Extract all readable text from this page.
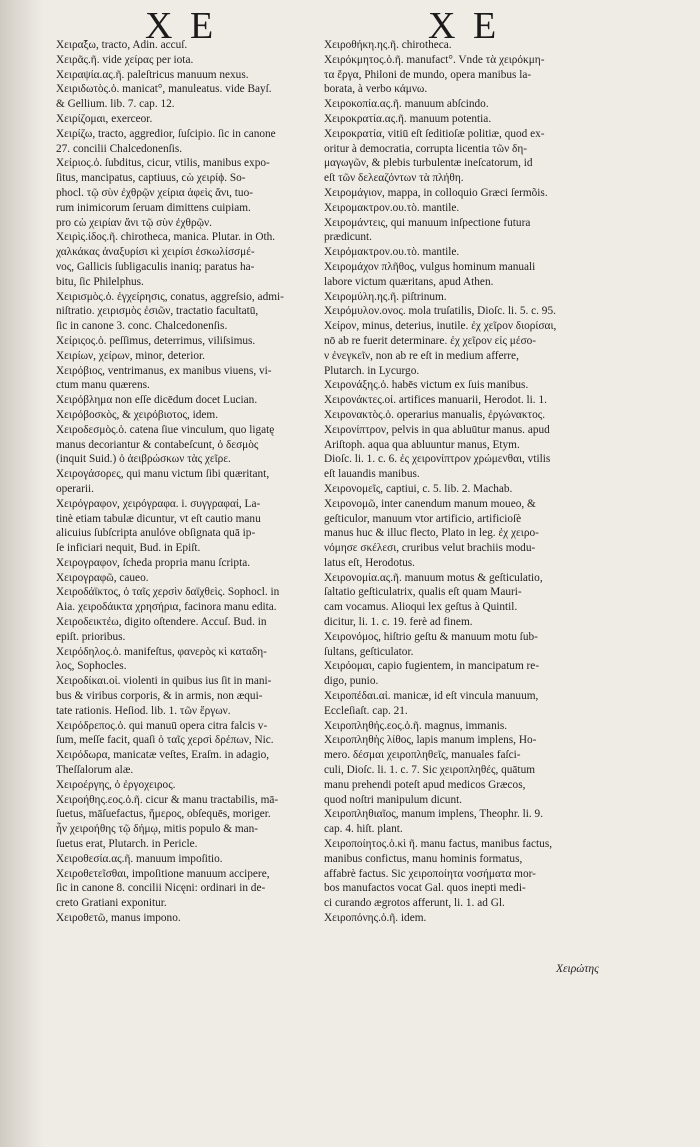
X E	X E
Χειρα̃ξω, tracto, Adin. accuſ.
Χειρᾶς.ῆ. vide χείρας per iota.
Χειραψία.ας.ῆ. paleſtricus manuum nexus.
Χειριδωτὸς.ὁ. manicat°, manuleatus. vide Bayſ.
& Gellium. lib. 7. cap. 12.
Χειρίζομαι, exerceor.
Χειρίζω, tracto, aggredior, ſuſcipio. ſic in canone
27. concilii Chalcedonenſis.
Χείριος.ὁ. ſubditus, cicur, vtilis, manibus expo-
ſitus, mancipatus, captiuus, ϲὼ χειρίϕ. So-
phocl. τῷ σὺν ἐχθρῷν χείρια ἀφεὶς ἄνι, tuo-
rum inimicorum ſeruam dimittens cuipiam.
pro ϲὼ χειρίαν ἄνι τῷ σὺν ἐχθρῷν.
Χειρὶς.ίδος.ῆ. chirotheca, manica. Plutar. in Oth.
χαλκάκας ἀναξυρίσι κὶ χειρίσι ἐσκωλίσσμέ-
νος, Gallicis ſubligaculis inaniq; paratus ha-
bitu, ſic Philelphus.
Χειρισμὸς.ὁ. ἐγχείρησις, conatus, aggreſsio, admi-
niſtratio. χειρισμὸς ἐσιῶν, tractatio facultatū,
ſic in canone 3. conc. Chalcedonenſis.
Χείριςος.ὁ. peſſimus, deterrimus, viliſsimus.
Χειρίων, χείρων, minor, deterior.
Χειρόβιος, ventrimanus, ex manibus viuens, vi-
ctum manu quærens.
Χειρόβλημα non eſſe dicēdum docet Lucian.
Χειρόβοσκὸς, & χειρόβιοτος, idem.
Χειροδεσμὸς.ὁ. catena ſiue vinculum, quo ligatę
manus decoriantur & contabeſcunt, ὁ δεσμὸς
(inquit Suid.) ὁ ἀειβρώσκων τὰς χεῖρε.
Χειρογάσορες, qui manu victum ſibi quæritant,
operarii.
Χειρόγραφον, χειρόγραφα. i. συγγραφαί, La-
tinè etiam tabulæ dicuntur, vt eſt cautio manu
alicuius ſubſcripta anulóve obſignata quā ip-
ſe inficiari nequit, Bud. in Epiſt.
Χειρογραφον, ſcheda propria manu ſcripta.
Χειρογραφῶ, caueo.
Χειροδάϊκτος, ὁ ταῖς χερσὶν δαϊχθεὶς. Sophocl. in
Aia. χειροδάικτα χρησήρια, facinora manu edita.
Χειροδεικτέω, digito oſtendere. Accuſ. Bud. in
epiſt. prioribus.
Χειρόδηλος.ὁ. manifeſtus, φανερὸς κὶ καταδη-
λος, Sophocles.
Χειροδίκαι.οἱ. violenti in quibus ius ſit in mani-
bus & viribus corporis, & in armis, non æqui-
tate rationis. Heſiod. lib. 1. τῶν ἔργων.
Χειρόδρεπος.ὁ. qui manuū opera citra falcis v-
ſum, meſſe facit, quaſi ὁ ταῖς χερσὶ δρέπων, Nic.
Χειρόδωρα, manicatæ veſtes, Eraſm. in adagio,
Theſſalorum alæ.
Χειροέργης, ὁ ἐργοχειρος.
Χειροήθης.εος.ὁ.ῆ. cicur & manu tractabilis, mā-
ſuetus, māſuefactus, ἥμερος, obſequēs, moriger.
ἦν χειροήθης τῷ δήμῳ, mitis populo & man-
ſuetus erat, Plutarch. in Pericle.
Χειροθεσία.ας.ῆ. manuum impoſitio.
Χειροθετεῖσθαι, impoſitione manuum accipere,
ſic in canone 8. concilii Nicęni: ordinari in de-
creto Gratiani exponitur.
Χειροθετῶ, manus impono.
Χειροθήκη.ης.ῆ. chirotheca.
Χειρόκμητος.ὁ.ῆ. manufact°. Vnde τὰ χειρόκμη-
τα ἔργα, Philoni de mundo, opera manibus la-
borata, à verbo κάμνω.
Χειροκοπία.ας.ῆ. manuum abſcindo.
Χειροκρατία.ας.ῆ. manuum potentia.
Χειροκρατία, vitiū eſt ſeditioſæ politiæ, quod ex-
oritur à democratia, corrupta licentia τῶν δη-
μαγωγῶν, & plebis turbulentæ ineſcatorum, id
eſt τῶν δελεαζόντων τὰ πλήθη.
Χειρομάγιον, mappa, in colloquio Græci ſermõis.
Χειρομακτρον.ου.τὸ. mantile.
Χειρομάντεις, qui manuum inſpectione futura
prædicunt.
Χειρόμακτρον.ου.τὸ. mantile.
Χειρομάχον πλῆθος, vulgus hominum manuali
labore victum quæritans, apud Athen.
Χειρομύλη.ης.ῆ. piſtrinum.
Χειρόμυλον.ονος. mola truſatilis, Dioſc. li. 5. c. 95.
Χείρον, minus, deterius, inutile. ἐχ χεῖρον διορίσαι,
nō ab re fuerit determinare. ἐχ χεῖρον εἰς μέσο-
ν ἐνεγκεῖν, non ab re eſt in medium afferre,
Plutarch. in Lycurgo.
Χειρονάξης.ὁ. habēs victum ex ſuis manibus.
Χειρονάκτες.οἱ. artifices manuarii, Herodot. li. 1.
Χειρονακτὸς.ὁ. operarius manualis, ἐργώνακτος.
Χειρονίπτρον, pelvis in qua abluūtur manus. apud
Ariſtoph. aqua qua abluuntur manus, Etym.
Dioſc. li. 1. c. 6. ἐς χειρονίπτρον χρώμενθαι, vtilis
eſt lauandis manibus.
Χειρονομεῖς, captiui, c. 5. lib. 2. Machab.
Χειρονομῶ, inter canendum manum moueo, &
geſticulor, manuum vtor artificio, artificioſè
manus huc & illuc flecto, Plato in leg. ἐχ χειρο-
νόμησε σκέλεσι, cruribus velut brachiis modu-
latus eſt, Herodotus.
Χειρονομία.ας.ῆ. manuum motus & geſticulatio,
ſaltatio geſticulatrix, qualis eſt quam Mauri-
cam vocamus. Alioqui lex geſtus à Quintil.
dicitur, li. 1. c. 19. ferè ad finem.
Χειρονόμος, hiſtrio geſtu & manuum motu ſub-
ſultans, geſticulator.
Χειρόομαι, capio fugientem, in mancipatum re-
digo, punio.
Χειροπέδαι.αἱ. manicæ, id eſt vincula manuum,
Eccleſiaſt. cap. 21.
Χειροπληθής.εος.ὁ.ῆ. magnus, immanis.
Χειροπληθὴς λίθος, lapis manum implens, Ho-
mero. δέσμαι χειροπληθεῖς, manuales faſci-
culi, Dioſc. li. 1. c. 7. Sic χειροπληθές, quātum
manu prehendi poteſt apud medicos Græcos,
quod noſtri manipulum dicunt.
Χειροπληθιαῖος, manum implens, Theophr. li. 9.
cap. 4. hiſt. plant.
Χειροποίητος.ὁ.κὶ ῆ. manu factus, manibus factus,
manibus confictus, manu hominis formatus,
affabrè factus. Sic χειροποίητα νοσήματα mor-
bos manufactos vocat Gal. quos inepti medi-
ci curando ægrotos afferunt, li. 1. ad Gl.
Χειροπόνης.ὁ.ῆ. idem.
Χειρώτης
